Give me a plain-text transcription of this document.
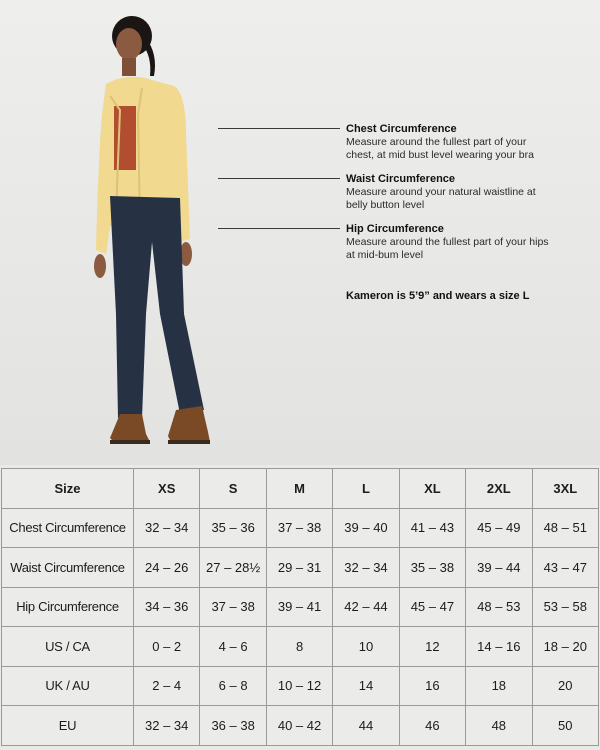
Chest Circumference
Measure around the fullest part of your
chest, at mid bust level wearing your bra
Waist Circumference
Measure around your natural waistline at
belly button level
Hip Circumference
Measure around the fullest part of your hips
at mid-bum level
Kameron is 5’9” and wears a size L
Size	XS	S	M	L	XL	2XL	3XL
Chest Circumference	32 – 34	35 – 36	37 – 38	39 – 40	41 – 43	45 – 49	48 – 51
Waist Circumference	24 – 26	27 – 28½	29 – 31	32 – 34	35 – 38	39 – 44	43 – 47
Hip Circumference	34 – 36	37 – 38	39 – 41	42 – 44	45 – 47	48 – 53	53 – 58
US / CA	0 – 2	4 – 6	8	10	12	14 – 16	18 – 20
UK / AU	2 – 4	6 – 8	10 – 12	14	16	18	20
EU	32 – 34	36 – 38	40 – 42	44	46	48	50
